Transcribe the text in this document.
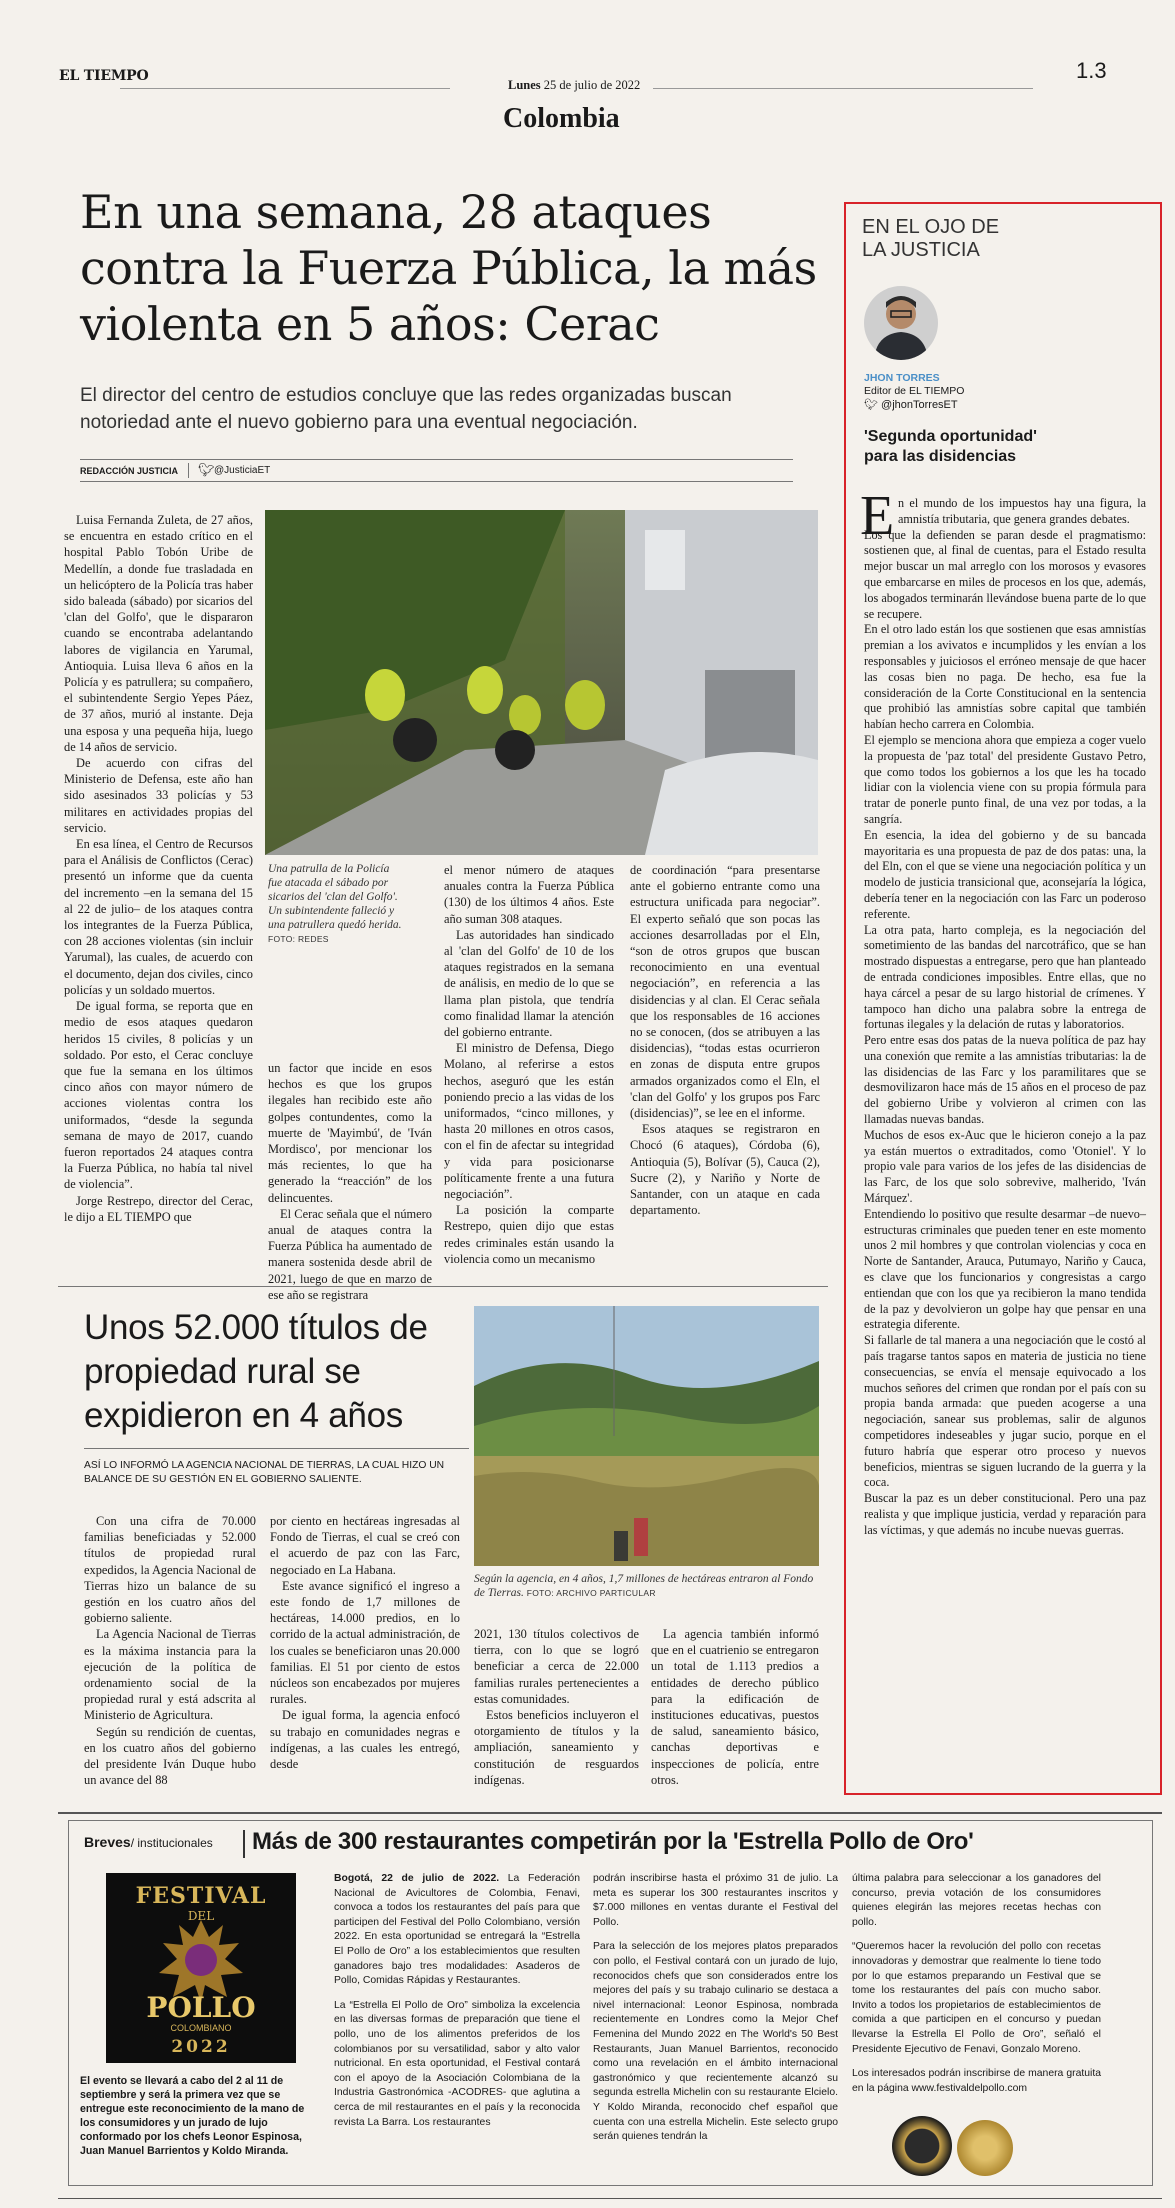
EL TIEMPO
Lunes 25 de julio de 2022
1.3
Colombia
En una semana, 28 ataques contra la Fuerza Pública, la más violenta en 5 años: Cerac
El director del centro de estudios concluye que las redes organizadas buscan notoriedad ante el nuevo gobierno para una eventual negociación.
REDACCIÓN JUSTICIA 🐦︎ @JusticiaET

Luisa Fernanda Zuleta, de 27 años, se encuentra en estado crítico en el hospital Pablo Tobón Uribe de Medellín, a donde fue trasladada en un helicóptero de la Policía tras haber sido baleada (sábado) por sicarios del 'clan del Golfo', que le dispararon cuando se encontraba adelantando labores de vigilancia en Yarumal, Antioquia. Luisa lleva 6 años en la Policía y es patrullera; su compañero, el subintendente Sergio Yepes Páez, de 37 años, murió al instante. Deja una esposa y una pequeña hija, luego de 14 años de servicio.

De acuerdo con cifras del Ministerio de Defensa, este año han sido asesinados 33 policías y 53 militares en actividades propias del servicio.

En esa línea, el Centro de Recursos para el Análisis de Conflictos (Cerac) presentó un informe que da cuenta del incremento –en la semana del 15 al 22 de julio– de los ataques contra los integrantes de la Fuerza Pública, con 28 acciones violentas (sin incluir Yarumal), las cuales, de acuerdo con el documento, dejan dos civiles, cinco policías y un soldado muertos.

De igual forma, se reporta que en medio de esos ataques quedaron heridos 15 civiles, 8 policías y un soldado. Por esto, el Cerac concluye que fue la semana en los últimos cinco años con mayor número de acciones violentas contra los uniformados, “desde la segunda semana de mayo de 2017, cuando fueron reportados 24 ataques contra la Fuerza Pública, no había tal nivel de violencia”.

Jorge Restrepo, director del Cerac, le dijo a EL TIEMPO que

Una patrulla de la Policía fue atacada el sábado por sicarios del 'clan del Golfo'. Un subintendente falleció y una patrullera quedó herida. FOTO: REDES

un factor que incide en esos hechos es que los grupos ilegales han recibido este año golpes contundentes, como la muerte de 'Mayimbú', de 'Iván Mordisco', por mencionar los más recientes, lo que ha generado la “reacción” de los delincuentes.

El Cerac señala que el número anual de ataques contra la Fuerza Pública ha aumentado de manera sostenida desde abril de 2021, luego de que en marzo de ese año se registrara

el menor número de ataques anuales contra la Fuerza Pública (130) de los últimos 4 años. Este año suman 308 ataques.

Las autoridades han sindicado al 'clan del Golfo' de 10 de los ataques registrados en la semana de análisis, en medio de lo que se llama plan pistola, que tendría como finalidad llamar la atención del gobierno entrante.

El ministro de Defensa, Diego Molano, al referirse a estos hechos, aseguró que les están poniendo precio a las vidas de los uniformados, “cinco millones, y hasta 20 millones en otros casos, con el fin de afectar su integridad y vida para posicionarse políticamente frente a una futura negociación”.

La posición la comparte Restrepo, quien dijo que estas redes criminales están usando la violencia como un mecanismo

de coordinación “para presentarse ante el gobierno entrante como una estructura unificada para negociar”. El experto señaló que son pocas las acciones desarrolladas por el Eln, “son de otros grupos que buscan reconocimiento en una eventual negociación”, en referencia a las disidencias y al clan. El Cerac señala que los responsables de 16 acciones no se conocen, (dos se atribuyen a las disidencias), “todas estas ocurrieron en zonas de disputa entre grupos armados organizados como el Eln, el 'clan del Golfo' y los grupos pos Farc (disidencias)”, se lee en el informe.

Esos ataques se registraron en Chocó (6 ataques), Córdoba (6), Antioquia (5), Bolívar (5), Cauca (2), Sucre (2), y Nariño y Norte de Santander, con un ataque en cada departamento.

Unos 52.000 títulos de propiedad rural se expidieron en 4 años
ASÍ LO INFORMÓ LA AGENCIA NACIONAL DE TIERRAS, LA CUAL HIZO UN BALANCE DE SU GESTIÓN EN EL GOBIERNO SALIENTE.
Según la agencia, en 4 años, 1,7 millones de hectáreas entraron al Fondo de Tierras. FOTO: ARCHIVO PARTICULAR

Con una cifra de 70.000 familias beneficiadas y 52.000 títulos de propiedad rural expedidos, la Agencia Nacional de Tierras hizo un balance de su gestión en los cuatro años del gobierno saliente.

La Agencia Nacional de Tierras es la máxima instancia para la ejecución de la política de ordenamiento social de la propiedad rural y está adscrita al Ministerio de Agricultura.

Según su rendición de cuentas, en los cuatro años del gobierno del presidente Iván Duque hubo un avance del 88

por ciento en hectáreas ingresadas al Fondo de Tierras, el cual se creó con el acuerdo de paz con las Farc, negociado en La Habana.

Este avance significó el ingreso a este fondo de 1,7 millones de hectáreas, 14.000 predios, en lo corrido de la actual administración, de los cuales se beneficiaron unas 20.000 familias. El 51 por ciento de estos núcleos son encabezados por mujeres rurales.

De igual forma, la agencia enfocó su trabajo en comunidades negras e indígenas, a las cuales les entregó, desde

2021, 130 títulos colectivos de tierra, con lo que se logró beneficiar a cerca de 22.000 familias rurales pertenecientes a estas comunidades.

Estos beneficios incluyeron el otorgamiento de títulos y la ampliación, saneamiento y constitución de resguardos indígenas.

La agencia también informó que en el cuatrienio se entregaron un total de 1.113 predios a entidades de derecho público para la edificación de instituciones educativas, puestos de salud, saneamiento básico, canchas deportivas e inspecciones de policía, entre otros.

EN EL OJO DE LA JUSTICIA
JHON TORRES
Editor de EL TIEMPO
🐦︎ @jhonTorresET
'Segunda oportunidad' para las disidencias
E n el mundo de los impuestos hay una figura, la amnistía tributaria, que genera grandes debates.

Los que la defienden se paran desde el pragmatismo: sostienen que, al final de cuentas, para el Estado resulta mejor buscar un mal arreglo con los morosos y evasores que embarcarse en miles de procesos en los que, además, los abogados terminarán llevándose buena parte de lo que se recupere.

En el otro lado están los que sostienen que esas amnistías premian a los avivatos e incumplidos y les envían a los responsables y juiciosos el erróneo mensaje de que hacer las cosas bien no paga. De hecho, esa fue la consideración de la Corte Constitucional en la sentencia que prohibió las amnistías sobre capital que también habían hecho carrera en Colombia.

El ejemplo se menciona ahora que empieza a coger vuelo la propuesta de 'paz total' del presidente Gustavo Petro, que como todos los gobiernos a los que les ha tocado lidiar con la violencia viene con su propia fórmula para tratar de ponerle punto final, de una vez por todas, a la sangría.

En esencia, la idea del gobierno y de su bancada mayoritaria es una propuesta de paz de dos patas: una, la del Eln, con el que se viene una negociación política y un modelo de justicia transicional que, aconsejaría la lógica, debería tener en la negociación con las Farc un poderoso referente.

La otra pata, harto compleja, es la negociación del sometimiento de las bandas del narcotráfico, que se han mostrado dispuestas a entregarse, pero que han planteado de entrada condiciones imposibles. Entre ellas, que no haya cárcel a pesar de su largo historial de crímenes. Y tampoco han dicho una palabra sobre la entrega de fortunas ilegales y la delación de rutas y laboratorios.

Pero entre esas dos patas de la nueva política de paz hay una conexión que remite a las amnistías tributarias: la de las disidencias de las Farc y los paramilitares que se desmovilizaron hace más de 15 años en el proceso de paz del gobierno Uribe y volvieron al crimen con las llamadas nuevas bandas.

Muchos de esos ex-Auc que le hicieron conejo a la paz ya están muertos o extraditados, como 'Otoniel'. Y lo propio vale para varios de los jefes de las disidencias de las Farc, de los que solo sobrevive, malherido, 'Iván Márquez'.

Entendiendo lo positivo que resulte desarmar –de nuevo– estructuras criminales que pueden tener en este momento unos 2 mil hombres y que controlan violencias y coca en Norte de Santander, Arauca, Putumayo, Nariño y Cauca, es clave que los funcionarios y congresistas a cargo entiendan que con los que ya recibieron la mano tendida de la paz y devolvieron un golpe hay que pensar en una estrategia diferente.

Si fallarle de tal manera a una negociación que le costó al país tragarse tantos sapos en materia de justicia no tiene consecuencias, se envía el mensaje equivocado a los muchos señores del crimen que rondan por el país con su propia banda armada: que pueden acogerse a una negociación, sanear sus problemas, salir de algunos competidores indeseables y jugar sucio, porque en el futuro habría que esperar otro proceso y nuevos beneficios, mientras se siguen lucrando de la guerra y la coca.

Buscar la paz es un deber constitucional. Pero una paz realista y que implique justicia, verdad y reparación para las víctimas, y que además no incube nuevas guerras.

Breves/ institucionales Más de 300 restaurantes competirán por la 'Estrella Pollo de Oro'
FESTIVAL
DEL
POLLO
COLOMBIANO
2022
El evento se llevará a cabo del 2 al 11 de septiembre y será la primera vez que se entregue este reconocimiento de la mano de los consumidores y un jurado de lujo conformado por los chefs Leonor Espinosa, Juan Manuel Barrientos y Koldo Miranda.

Bogotá, 22 de julio de 2022. La Federación Nacional de Avicultores de Colombia, Fenavi, convoca a todos los restaurantes del país para que participen del Festival del Pollo Colombiano, versión 2022. En esta oportunidad se entregará la “Estrella El Pollo de Oro” a los establecimientos que resulten ganadores bajo tres modalidades: Asaderos de Pollo, Comidas Rápidas y Restaurantes.

La “Estrella El Pollo de Oro” simboliza la excelencia en las diversas formas de preparación que tiene el pollo, uno de los alimentos preferidos de los colombianos por su versatilidad, sabor y alto valor nutricional. En esta oportunidad, el Festival contará con el apoyo de la Asociación Colombiana de la Industria Gastronómica -ACODRES- que aglutina a cerca de mil restaurantes en el país y la reconocida revista La Barra. Los restaurantes

podrán inscribirse hasta el próximo 31 de julio. La meta es superar los 300 restaurantes inscritos y $7.000 millones en ventas durante el Festival del Pollo.

Para la selección de los mejores platos preparados con pollo, el Festival contará con un jurado de lujo, reconocidos chefs que son considerados entre los mejores del país y su trabajo culinario se destaca a nivel internacional: Leonor Espinosa, nombrada recientemente en Londres como la Mejor Chef Femenina del Mundo 2022 en The World's 50 Best Restaurants, Juan Manuel Barrientos, reconocido como una revelación en el ámbito internacional gastronómico y que recientemente alcanzó su segunda estrella Michelin con su restaurante Elcielo. Y Koldo Miranda, reconocido chef español que cuenta con una estrella Michelin. Este selecto grupo serán quienes tendrán la

última palabra para seleccionar a los ganadores del concurso, previa votación de los consumidores quienes elegirán las mejores recetas hechas con pollo.

“Queremos hacer la revolución del pollo con recetas innovadoras y demostrar que realmente lo tiene todo por lo que estamos preparando un Festival que se tome los restaurantes del país con mucho sabor. Invito a todos los propietarios de establecimientos de comida a que participen en el concurso y puedan llevarse la Estrella El Pollo de Oro”, señaló el Presidente Ejecutivo de Fenavi, Gonzalo Moreno.

Los interesados podrán inscribirse de manera gratuita en la página www.festivaldelpollo.com
